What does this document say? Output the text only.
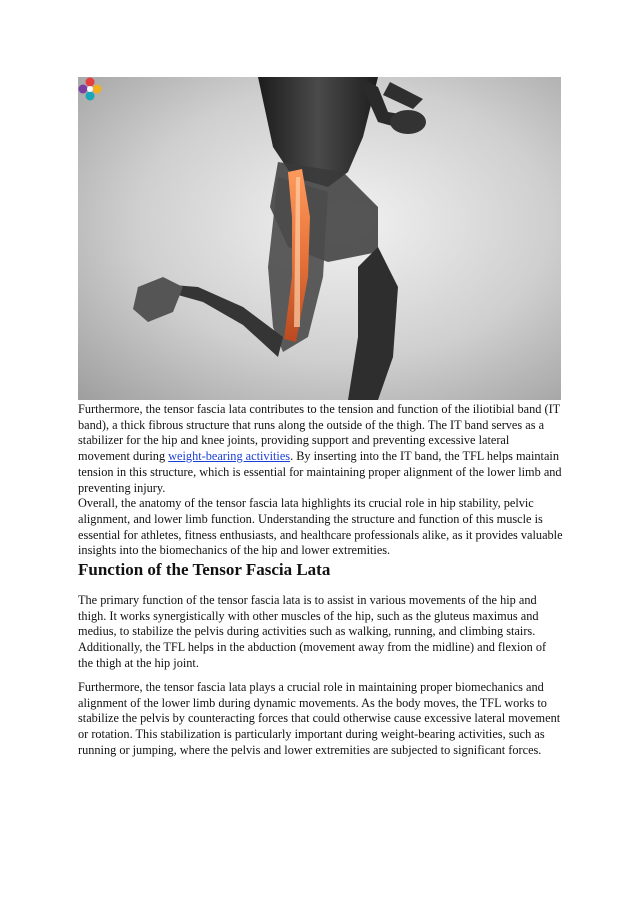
Furthermore, the tensor fascia lata contributes to the tension and function of the iliotibial band (IT band), a thick fibrous structure that runs along the outside of the thigh. The IT band serves as a stabilizer for the hip and knee joints, providing support and preventing excessive lateral movement during weight-bearing activities. By inserting into the IT band, the TFL helps maintain tension in this structure, which is essential for maintaining proper alignment of the lower limb and preventing injury.

Overall, the anatomy of the tensor fascia lata highlights its crucial role in hip stability, pelvic alignment, and lower limb function. Understanding the structure and function of this muscle is essential for athletes, fitness enthusiasts, and healthcare professionals alike, as it provides valuable insights into the biomechanics of the hip and lower extremities.

Function of the Tensor Fascia Lata

The primary function of the tensor fascia lata is to assist in various movements of the hip and thigh. It works synergistically with other muscles of the hip, such as the gluteus maximus and medius, to stabilize the pelvis during activities such as walking, running, and climbing stairs. Additionally, the TFL helps in the abduction (movement away from the midline) and flexion of the thigh at the hip joint.

Furthermore, the tensor fascia lata plays a crucial role in maintaining proper biomechanics and alignment of the lower limb during dynamic movements. As the body moves, the TFL works to stabilize the pelvis by counteracting forces that could otherwise cause excessive lateral movement or rotation. This stabilization is particularly important during weight-bearing activities, such as running or jumping, where the pelvis and lower extremities are subjected to significant forces.
